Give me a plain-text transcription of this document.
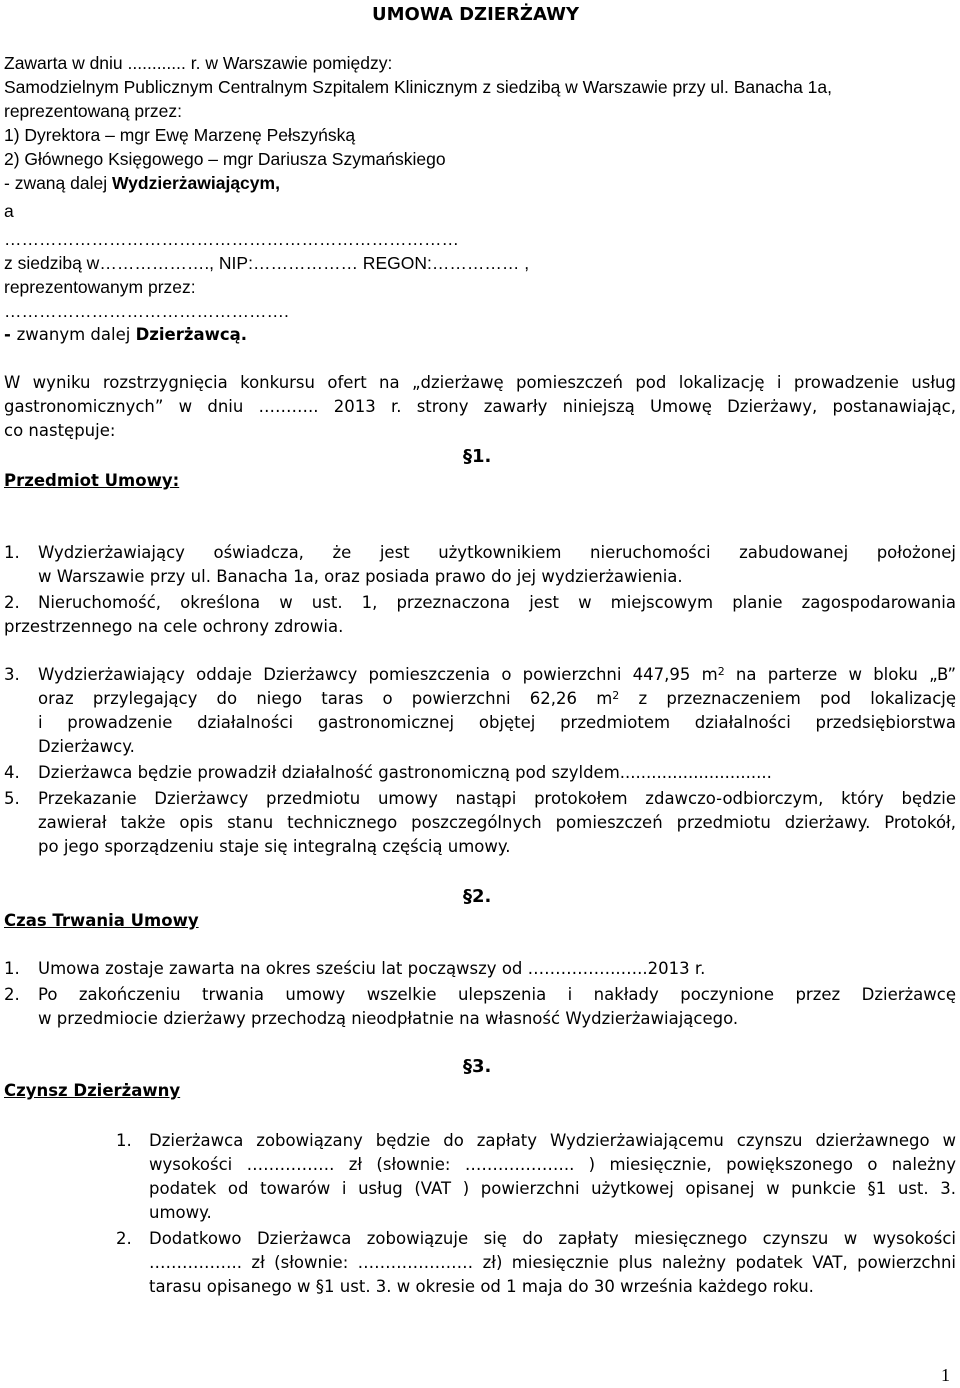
UMOWA DZIERŻAWY
Zawarta w dniu ............ r. w Warszawie pomiędzy:
Samodzielnym Publicznym Centralnym Szpitalem Klinicznym z siedzibą w Warszawie przy ul. Banacha 1a,
reprezentowaną przez:
1) Dyrektora – mgr Ewę Marzenę Pełszyńską
2) Głównego Księgowego – mgr Dariusza Szymańskiego
- zwaną dalej Wydzierżawiającym,
a
……………………………………………………………………
z siedzibą w………………., NIP:……………… REGON:…………… ,
reprezentowanym przez:
………………………………………….
- zwanym dalej Dzierżawcą.
W wyniku rozstrzygnięcia konkursu ofert na „dzierżawę pomieszczeń pod lokalizację i prowadzenie usług
gastronomicznych” w dniu ……….. 2013 r. strony zawarły niniejszą Umowę Dzierżawy, postanawiając,
co następuje:
§1.
Przedmiot Umowy:
1. Wydzierżawiający oświadcza, że jest użytkownikiem nieruchomości zabudowanej położonej
w Warszawie przy ul. Banacha 1a, oraz posiada prawo do jej wydzierżawienia.
2. Nieruchomość, określona w ust. 1, przeznaczona jest w miejscowym planie zagospodarowania
przestrzennego na cele ochrony zdrowia.
3. Wydzierżawiający oddaje Dzierżawcy pomieszczenia o powierzchni 447,95 $m^2$ na parterze w bloku „B”
oraz przylegający do niego taras o powierzchni 62,26 $m^2$ z przeznaczeniem pod lokalizację
i prowadzenie działalności gastronomicznej objętej przedmiotem działalności przedsiębiorstwa
Dzierżawcy.
4. Dzierżawca będzie prowadził działalność gastronomiczną pod szyldem.............................
5. Przekazanie Dzierżawcy przedmiotu umowy nastąpi protokołem zdawczo-odbiorczym, który będzie
zawierał także opis stanu technicznego poszczególnych pomieszczeń przedmiotu dzierżawy. Protokół,
po jego sporządzeniu staje się integralną częścią umowy.
§2.
Czas Trwania Umowy
1. Umowa zostaje zawarta na okres sześciu lat począwszy od ……………..…..2013 r.
2. Po zakończeniu trwania umowy wszelkie ulepszenia i nakłady poczynione przez Dzierżawcę
w przedmiocie dzierżawy przechodzą nieodpłatnie na własność Wydzierżawiającego.
§3.
Czynsz Dzierżawny
1. Dzierżawca zobowiązany będzie do zapłaty Wydzierżawiającemu czynszu dzierżawnego w
wysokości ……………. zł (słownie: ……………….. ) miesięcznie, powiększonego o należny
podatek od towarów i usług (VAT ) powierzchni użytkowej opisanej w punkcie §1 ust. 3.
umowy.
2. Dodatkowo Dzierżawca zobowiązuje się do zapłaty miesięcznego czynszu w wysokości
…………….. zł (słownie: ………………… zł) miesięcznie plus należny podatek VAT, powierzchni
tarasu opisanego w §1 ust. 3. w okresie od 1 maja do 30 września każdego roku.
1
